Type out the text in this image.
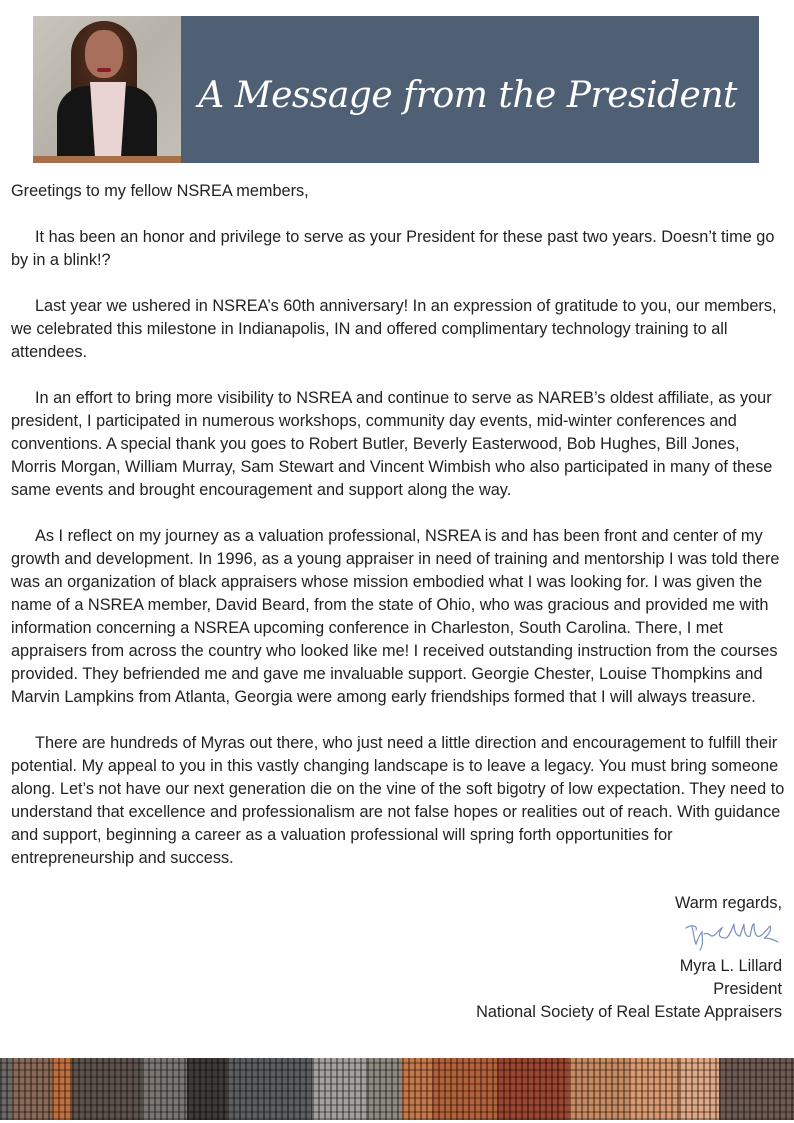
A Message from the President

Greetings to my fellow NSREA members,

It has been an honor and privilege to serve as your President for these past two years. Doesn’t time go by in a blink!?

Last year we ushered in NSREA’s 60th anniversary! In an expression of gratitude to you, our members, we celebrated this milestone in Indianapolis, IN and offered complimentary technology training to all attendees.

In an effort to bring more visibility to NSREA and continue to serve as NAREB’s oldest affiliate, as your president, I participated in numerous workshops, community day events, mid-winter conferences and conventions. A special thank you goes to Robert Butler, Beverly Easterwood, Bob Hughes, Bill Jones, Morris Morgan, William Murray, Sam Stewart and Vincent Wimbish who also participated in many of these same events and brought encouragement and support along the way.

As I reflect on my journey as a valuation professional, NSREA is and has been front and center of my growth and development. In 1996, as a young appraiser in need of training and mentorship I was told there was an organization of black appraisers whose mission embodied what I was looking for. I was given the name of a NSREA member, David Beard, from the state of Ohio, who was gracious and provided me with information concerning a NSREA upcoming conference in Charleston, South Carolina. There, I met appraisers from across the country who looked like me! I received outstanding instruction from the courses provided. They befriended me and gave me invaluable support. Georgie Chester, Louise Thompkins and Marvin Lampkins from Atlanta, Georgia were among early friendships formed that I will always treasure.

There are hundreds of Myras out there, who just need a little direction and encouragement to fulfill their potential. My appeal to you in this vastly changing landscape is to leave a legacy. You must bring someone along. Let’s not have our next generation die on the vine of the soft bigotry of low expectation. They need to understand that excellence and professionalism are not false hopes or realities out of reach. With guidance and support, beginning a career as a valuation professional will spring forth opportunities for entrepreneurship and success.

Warm regards,
Myra L. Lillard
President
National Society of Real Estate Appraisers
